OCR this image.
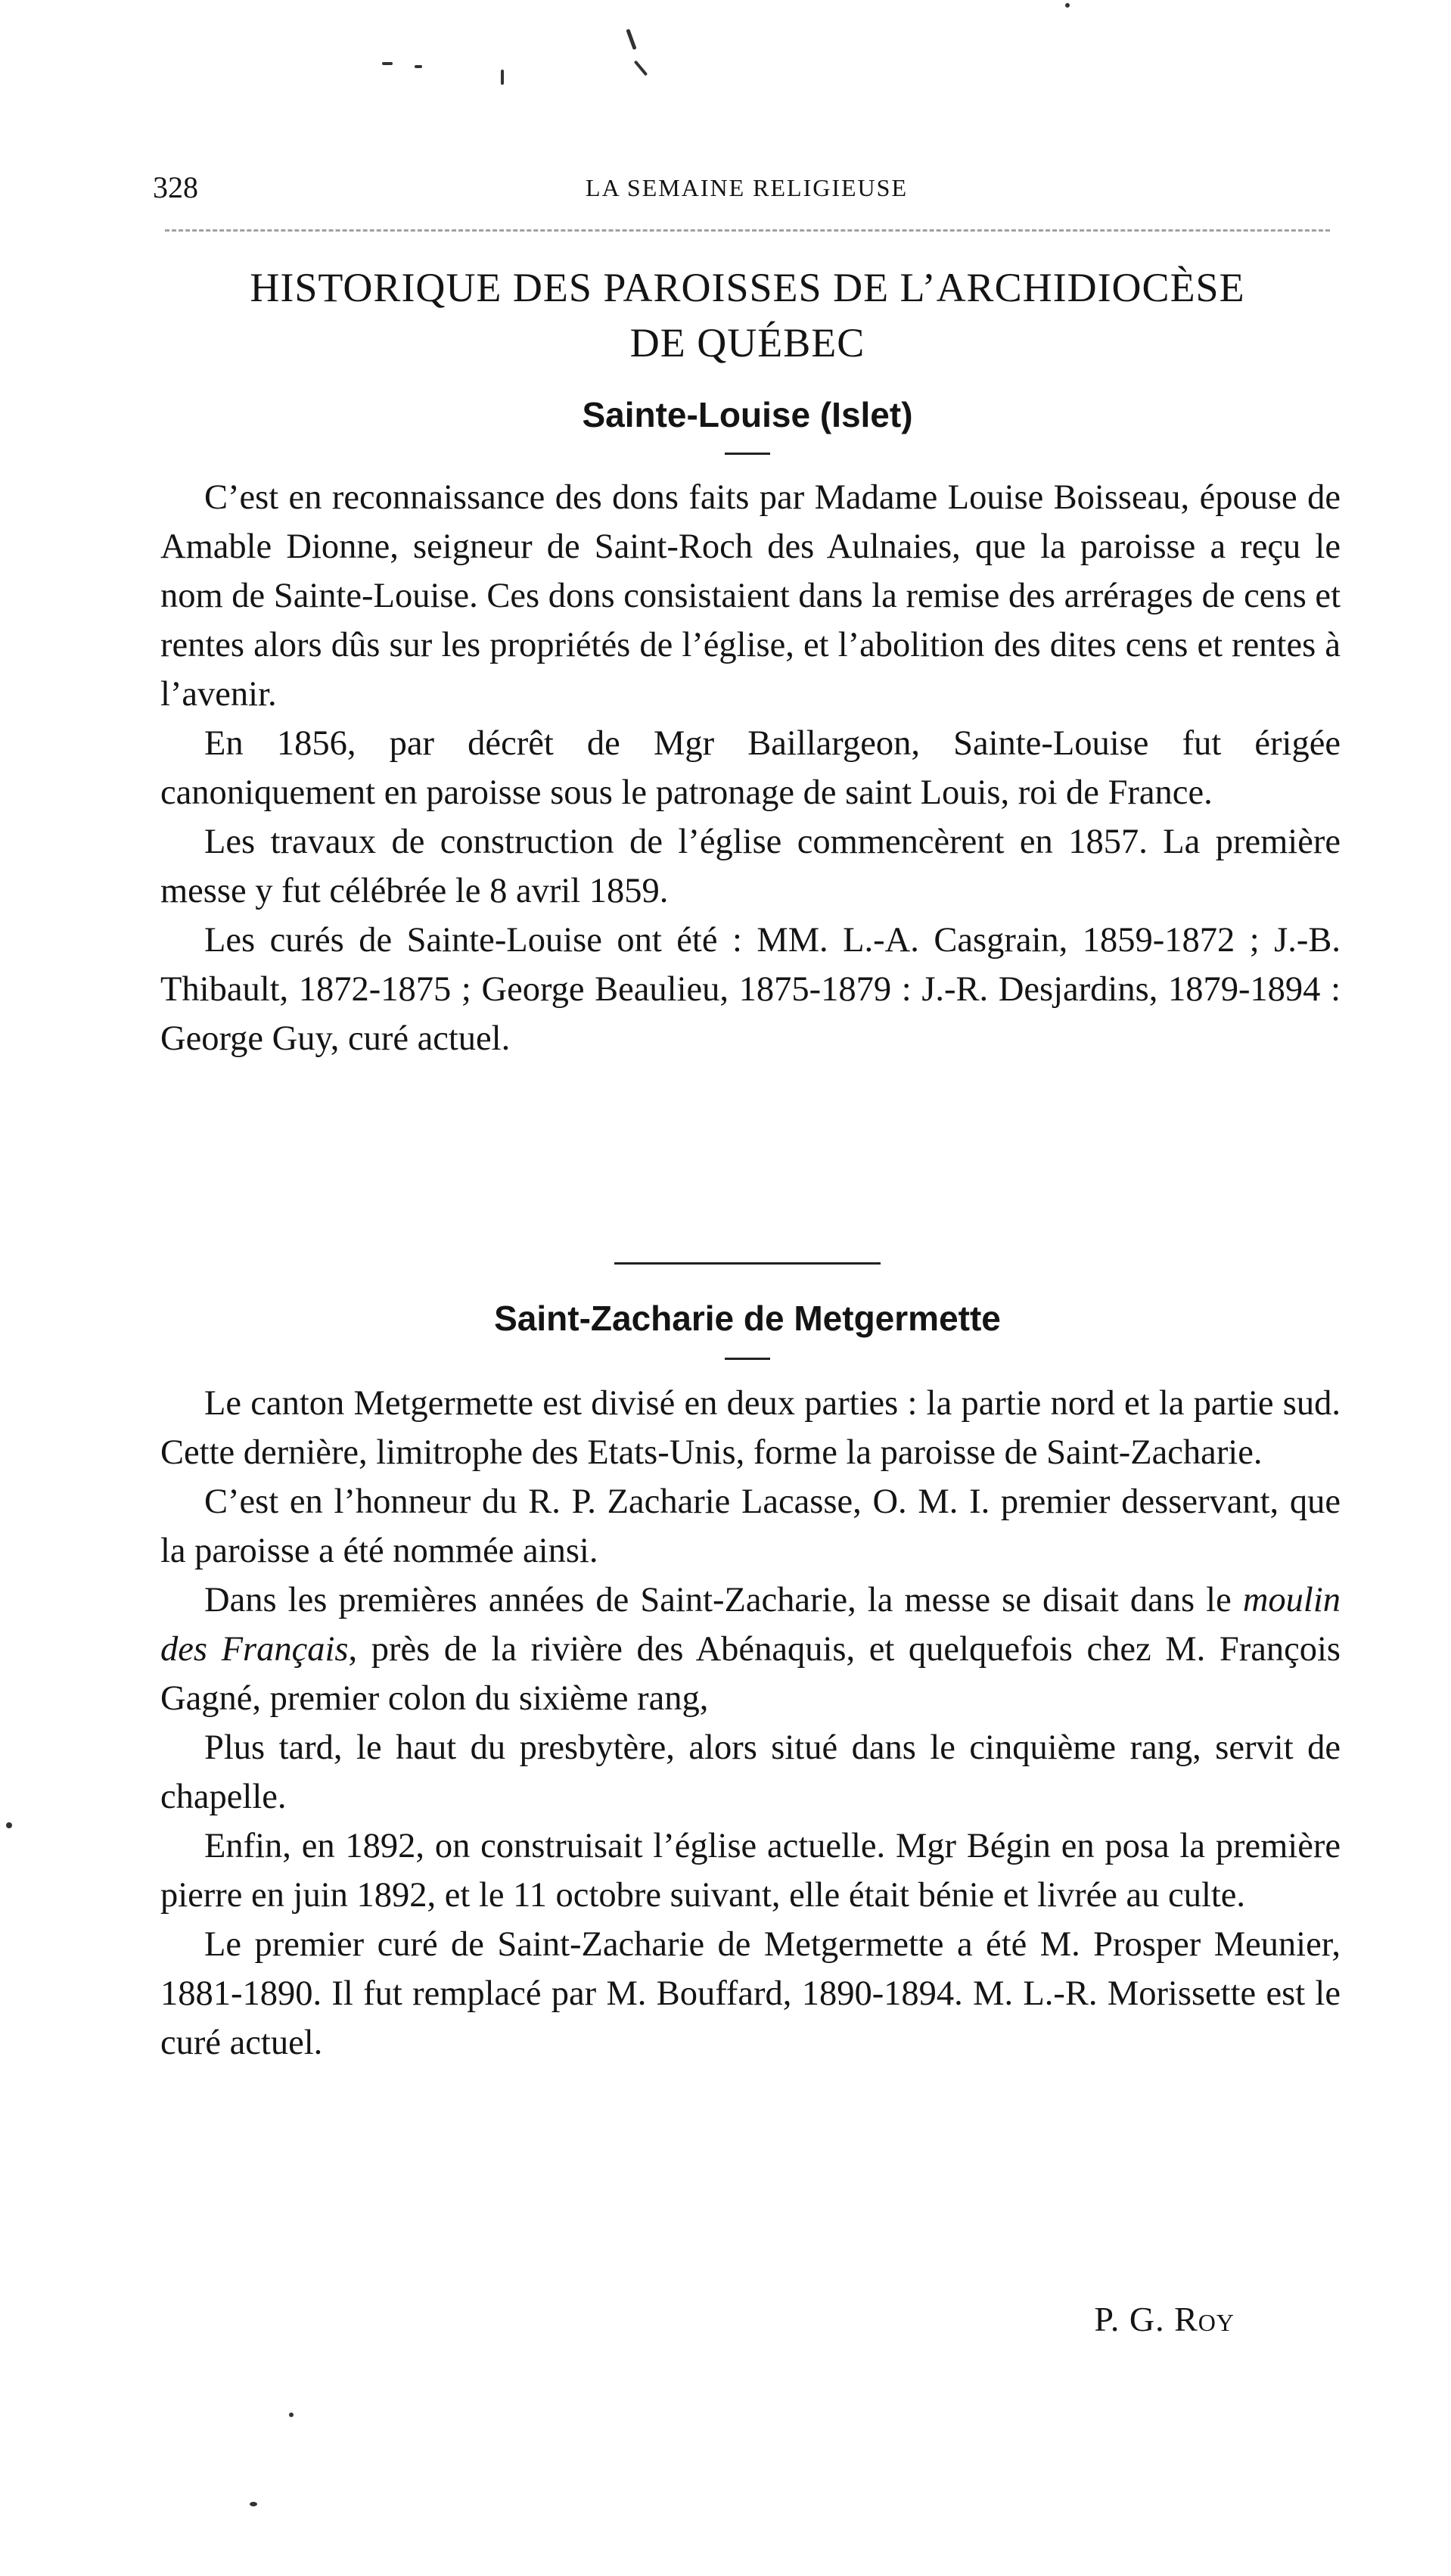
328	LA SEMAINE RELIGIEUSE
HISTORIQUE DES PAROISSES DE L’ARCHIDIOCÈSE
DE QUÉBEC
Sainte-Louise (Islet)

C’est en reconnaissance des dons faits par Madame Louise Boisseau, épouse de Amable Dionne, seigneur de Saint-Roch des Aulnaies, que la paroisse a reçu le nom de Sainte-Louise. Ces dons consistaient dans la remise des arrérages de cens et rentes alors dûs sur les propriétés de l’église, et l’abolition des dites cens et rentes à l’avenir.

En 1856, par décrêt de Mgr Baillargeon, Sainte-Louise fut érigée canoniquement en paroisse sous le patronage de saint Louis, roi de France.

Les travaux de construction de l’église commencèrent en 1857. La première messe y fut célébrée le 8 avril 1859.

Les curés de Sainte-Louise ont été : MM. L.-A. Casgrain, 1859-1872 ; J.-B. Thibault, 1872-1875 ; George Beaulieu, 1875-1879 : J.-R. Desjardins, 1879-1894 : George Guy, curé actuel.

Saint-Zacharie de Metgermette

Le canton Metgermette est divisé en deux parties : la partie nord et la partie sud. Cette dernière, limitrophe des Etats-Unis, forme la paroisse de Saint-Zacharie.

C’est en l’honneur du R. P. Zacharie Lacasse, O. M. I. premier desservant, que la paroisse a été nommée ainsi.

Dans les premières années de Saint-Zacharie, la messe se disait dans le moulin des Français, près de la rivière des Abénaquis, et quelquefois chez M. François Gagné, premier colon du sixième rang,

Plus tard, le haut du presbytère, alors situé dans le cinquième rang, servit de chapelle.

Enfin, en 1892, on construisait l’église actuelle. Mgr Bégin en posa la première pierre en juin 1892, et le 11 octobre suivant, elle était bénie et livrée au culte.

Le premier curé de Saint-Zacharie de Metgermette a été M. Prosper Meunier, 1881-1890. Il fut remplacé par M. Bouffard, 1890-1894. M. L.-R. Morissette est le curé actuel.

P. G. Roy
